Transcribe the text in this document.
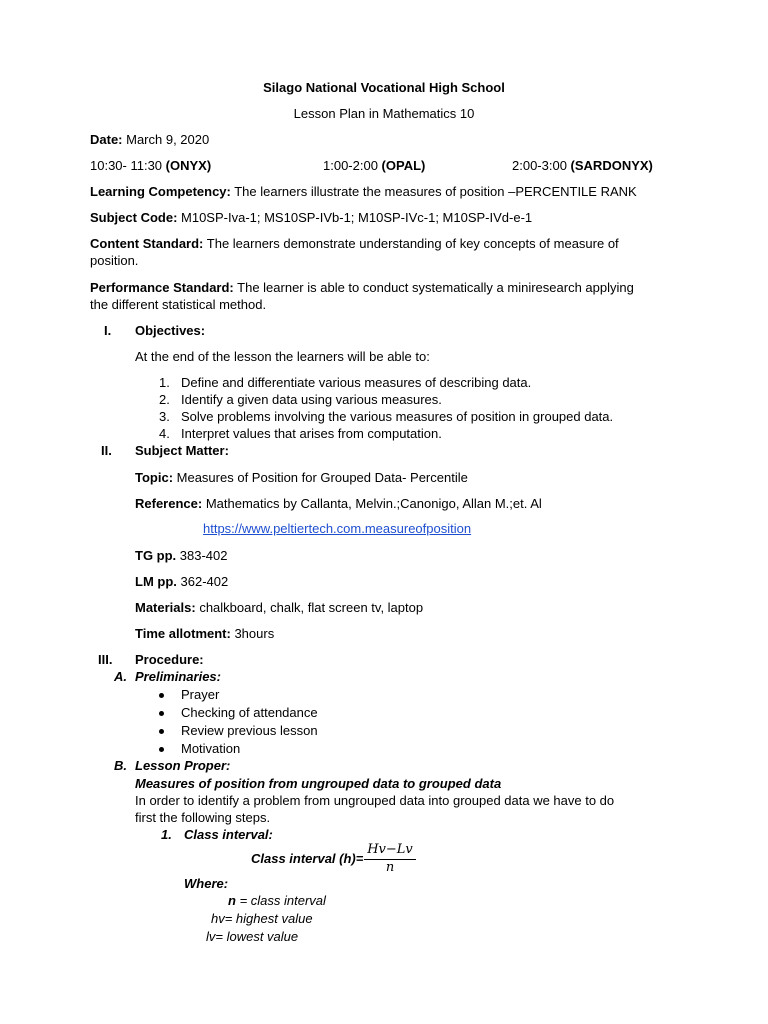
Silago National Vocational High School
Lesson Plan in Mathematics 10
Date: March 9, 2020
10:30- 11:30 (ONYX)	1:00-2:00 (OPAL)	2:00-3:00 (SARDONYX)
Learning Competency: The learners illustrate the measures of position –PERCENTILE RANK
Subject Code: M10SP-Iva-1; MS10SP-IVb-1; M10SP-IVc-1; M10SP-IVd-e-1
Content Standard: The learners demonstrate understanding of key concepts of measure of
position.
Performance Standard: The learner is able to conduct systematically a miniresearch applying
the different statistical method.
I. Objectives:
At the end of the lesson the learners will be able to:
1. Define and differentiate various measures of describing data.
2. Identify a given data using various measures.
3. Solve problems involving the various measures of position in grouped data.
4. Interpret values that arises from computation.
II. Subject Matter:
Topic: Measures of Position for Grouped Data- Percentile
Reference: Mathematics by Callanta, Melvin.;Canonigo, Allan M.;et. Al
https://www.peltiertech.com.measureofposition
TG pp. 383-402
LM pp. 362-402
Materials: chalkboard, chalk, flat screen tv, laptop
Time allotment: 3hours
III. Procedure:
A. Preliminaries:
Prayer
Checking of attendance
Review previous lesson
Motivation
B. Lesson Proper:
Measures of position from ungrouped data to grouped data
In order to identify a problem from ungrouped data into grouped data we have to do
first the following steps.
1. Class interval:
Class interval (h)=
Hv−Lv
n
Where:
n = class interval
hv= highest value
lv= lowest value
